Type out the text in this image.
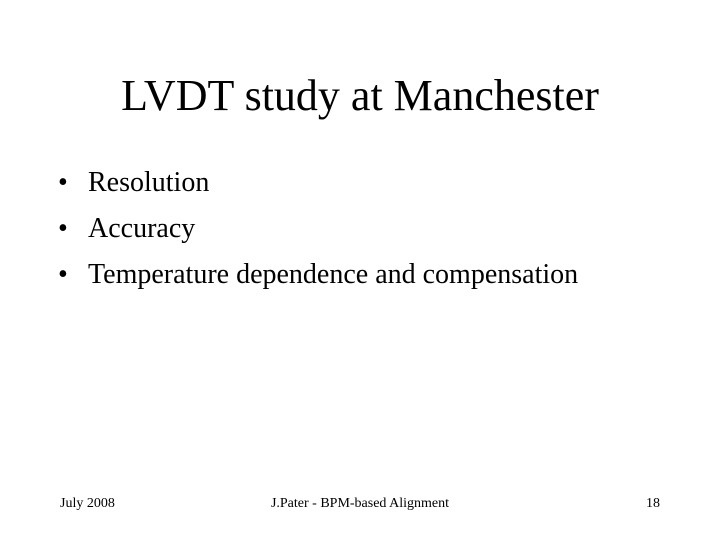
LVDT study at Manchester
• Resolution
• Accuracy
• Temperature dependence and compensation
July 2008	J.Pater - BPM-based Alignment	18
